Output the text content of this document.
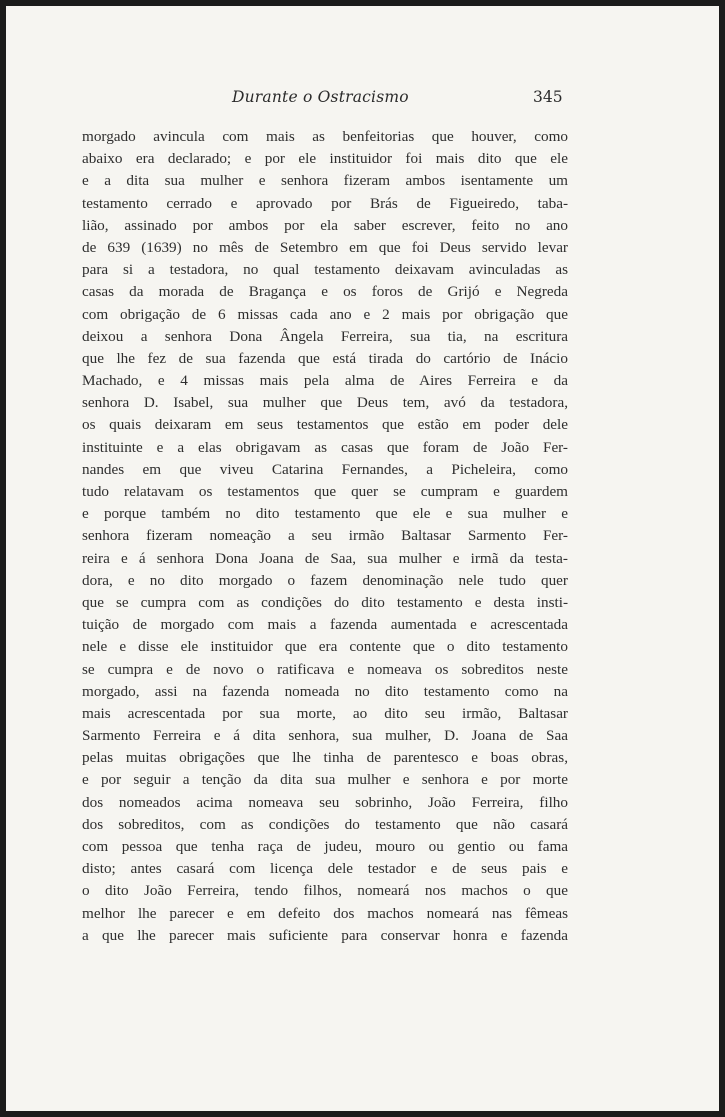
Durante o Ostracismo	345
morgado avincula com mais as benfeitorias que houver, como
abaixo era declarado; e por ele instituidor foi mais dito que ele
e a dita sua mulher e senhora fizeram ambos isentamente um
testamento cerrado e aprovado por Brás de Figueiredo, taba-
lião, assinado por ambos por ela saber escrever, feito no ano
de 639 (1639) no mês de Setembro em que foi Deus servido levar
para si a testadora, no qual testamento deixavam avinculadas as
casas da morada de Bragança e os foros de Grijó e Negreda
com obrigação de 6 missas cada ano e 2 mais por obrigação que
deixou a senhora Dona Ângela Ferreira, sua tia, na escritura
que lhe fez de sua fazenda que está tirada do cartório de Inácio
Machado, e 4 missas mais pela alma de Aires Ferreira e da
senhora D. Isabel, sua mulher que Deus tem, avó da testadora,
os quais deixaram em seus testamentos que estão em poder dele
instituinte e a elas obrigavam as casas que foram de João Fer-
nandes em que viveu Catarina Fernandes, a Picheleira, como
tudo relatavam os testamentos que quer se cumpram e guardem
e porque também no dito testamento que ele e sua mulher e
senhora fizeram nomeação a seu irmão Baltasar Sarmento Fer-
reira e á senhora Dona Joana de Saa, sua mulher e irmã da testa-
dora, e no dito morgado o fazem denominação nele tudo quer
que se cumpra com as condições do dito testamento e desta insti-
tuição de morgado com mais a fazenda aumentada e acrescentada
nele e disse ele instituidor que era contente que o dito testamento
se cumpra e de novo o ratificava e nomeava os sobreditos neste
morgado, assi na fazenda nomeada no dito testamento como na
mais acrescentada por sua morte, ao dito seu irmão, Baltasar
Sarmento Ferreira e á dita senhora, sua mulher, D. Joana de Saa
pelas muitas obrigações que lhe tinha de parentesco e boas obras,
e por seguir a tenção da dita sua mulher e senhora e por morte
dos nomeados acima nomeava seu sobrinho, João Ferreira, filho
dos sobreditos, com as condições do testamento que não casará
com pessoa que tenha raça de judeu, mouro ou gentio ou fama
disto; antes casará com licença dele testador e de seus pais e
o dito João Ferreira, tendo filhos, nomeará nos machos o que
melhor lhe parecer e em defeito dos machos nomeará nas fêmeas
a que lhe parecer mais suficiente para conservar honra e fazenda
